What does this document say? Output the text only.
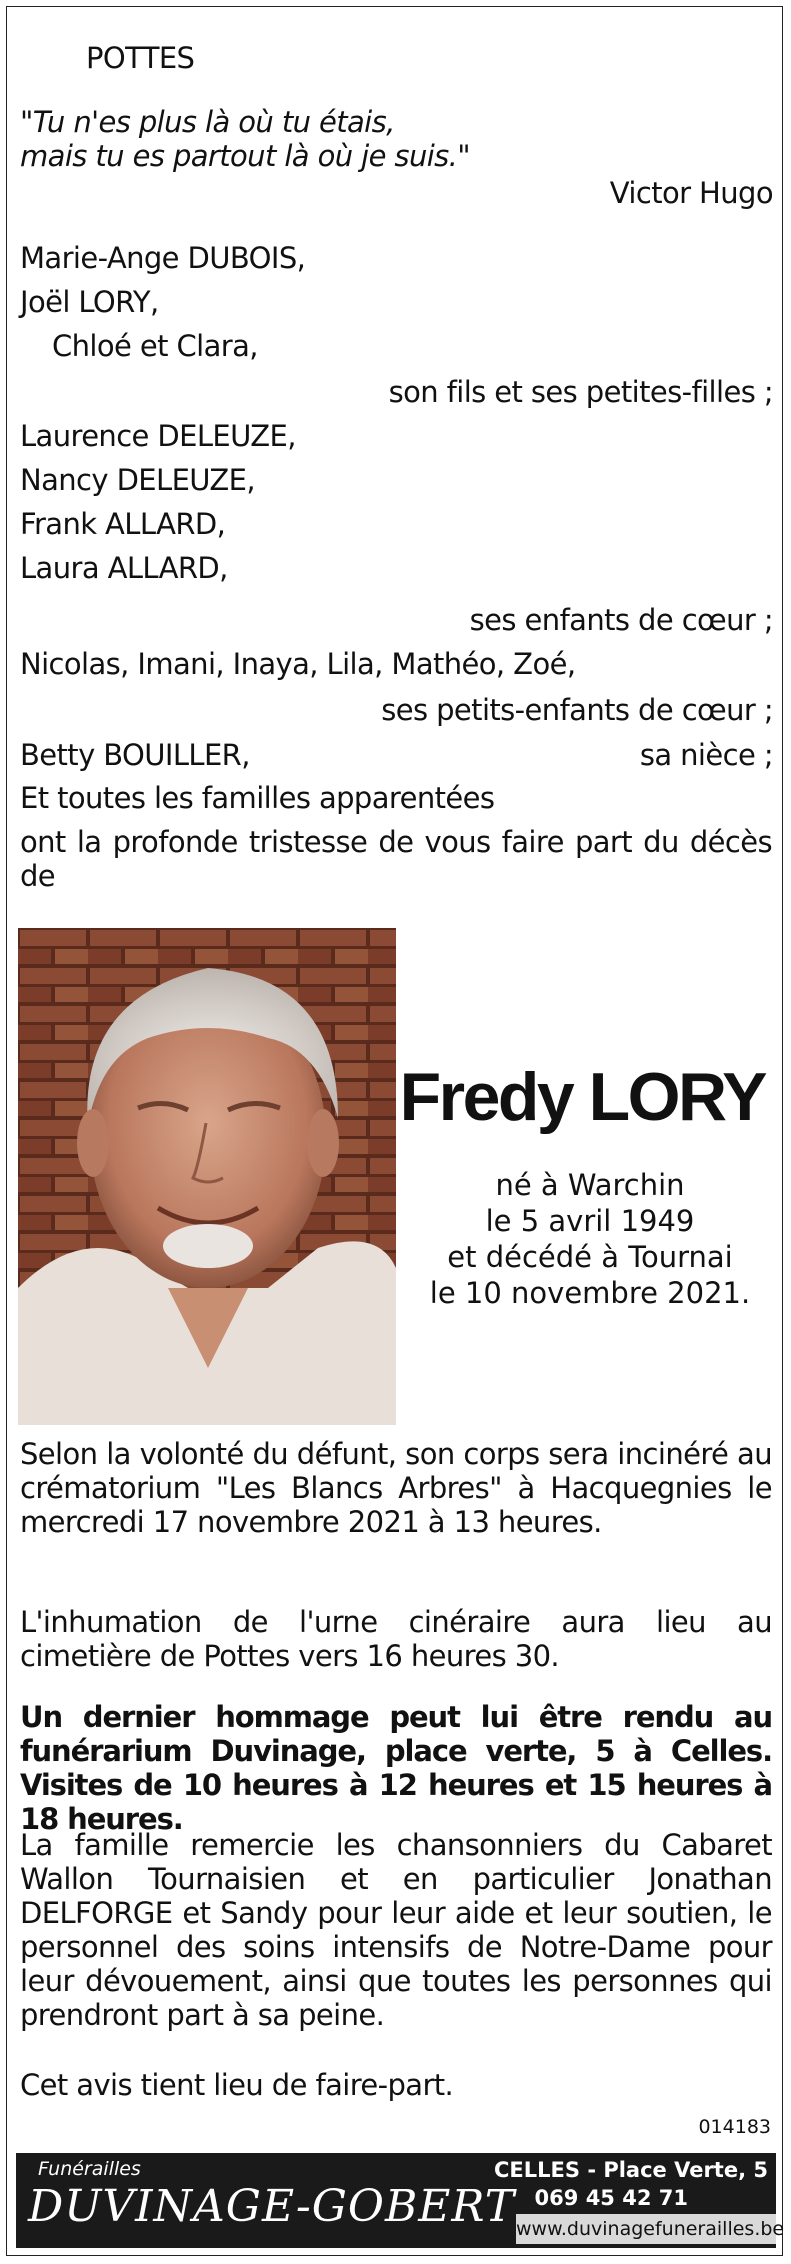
POTTES
"Tu n'es plus là où tu étais,
mais tu es partout là où je suis."
Victor Hugo
Marie-Ange DUBOIS,
Joël LORY,
Chloé et Clara,
son fils et ses petites-filles ;
Laurence DELEUZE,
Nancy DELEUZE,
Frank ALLARD,
Laura ALLARD,
ses enfants de cœur ;
Nicolas, Imani, Inaya, Lila, Mathéo, Zoé,
ses petits-enfants de cœur ;
Betty BOUILLER,	sa nièce ;
Et toutes les familles apparentées
ont la profonde tristesse de vous faire part du décès de
Fredy LORY
né à Warchin
le 5 avril 1949
et décédé à Tournai
le 10 novembre 2021.
Selon la volonté du défunt, son corps sera incinéré au crématorium "Les Blancs Arbres" à Hacquegnies le mercredi 17 novembre 2021 à 13 heures.
L'inhumation de l'urne cinéraire aura lieu au cimetière de Pottes vers 16 heures 30.
Un dernier hommage peut lui être rendu au funérarium Duvinage, place verte, 5 à Celles. Visites de 10 heures à 12 heures et 15 heures à 18 heures.
La famille remercie les chansonniers du Cabaret Wallon Tournaisien et en particulier Jonathan DELFORGE et Sandy pour leur aide et leur soutien, le personnel des soins intensifs de Notre-Dame pour leur dévouement, ainsi que toutes les personnes qui prendront part à sa peine.
Cet avis tient lieu de faire-part.
014183
Funérailles
DUVINAGE-GOBERT
CELLES - Place Verte, 5
069 45 42 71
www.duvinagefunerailles.be
